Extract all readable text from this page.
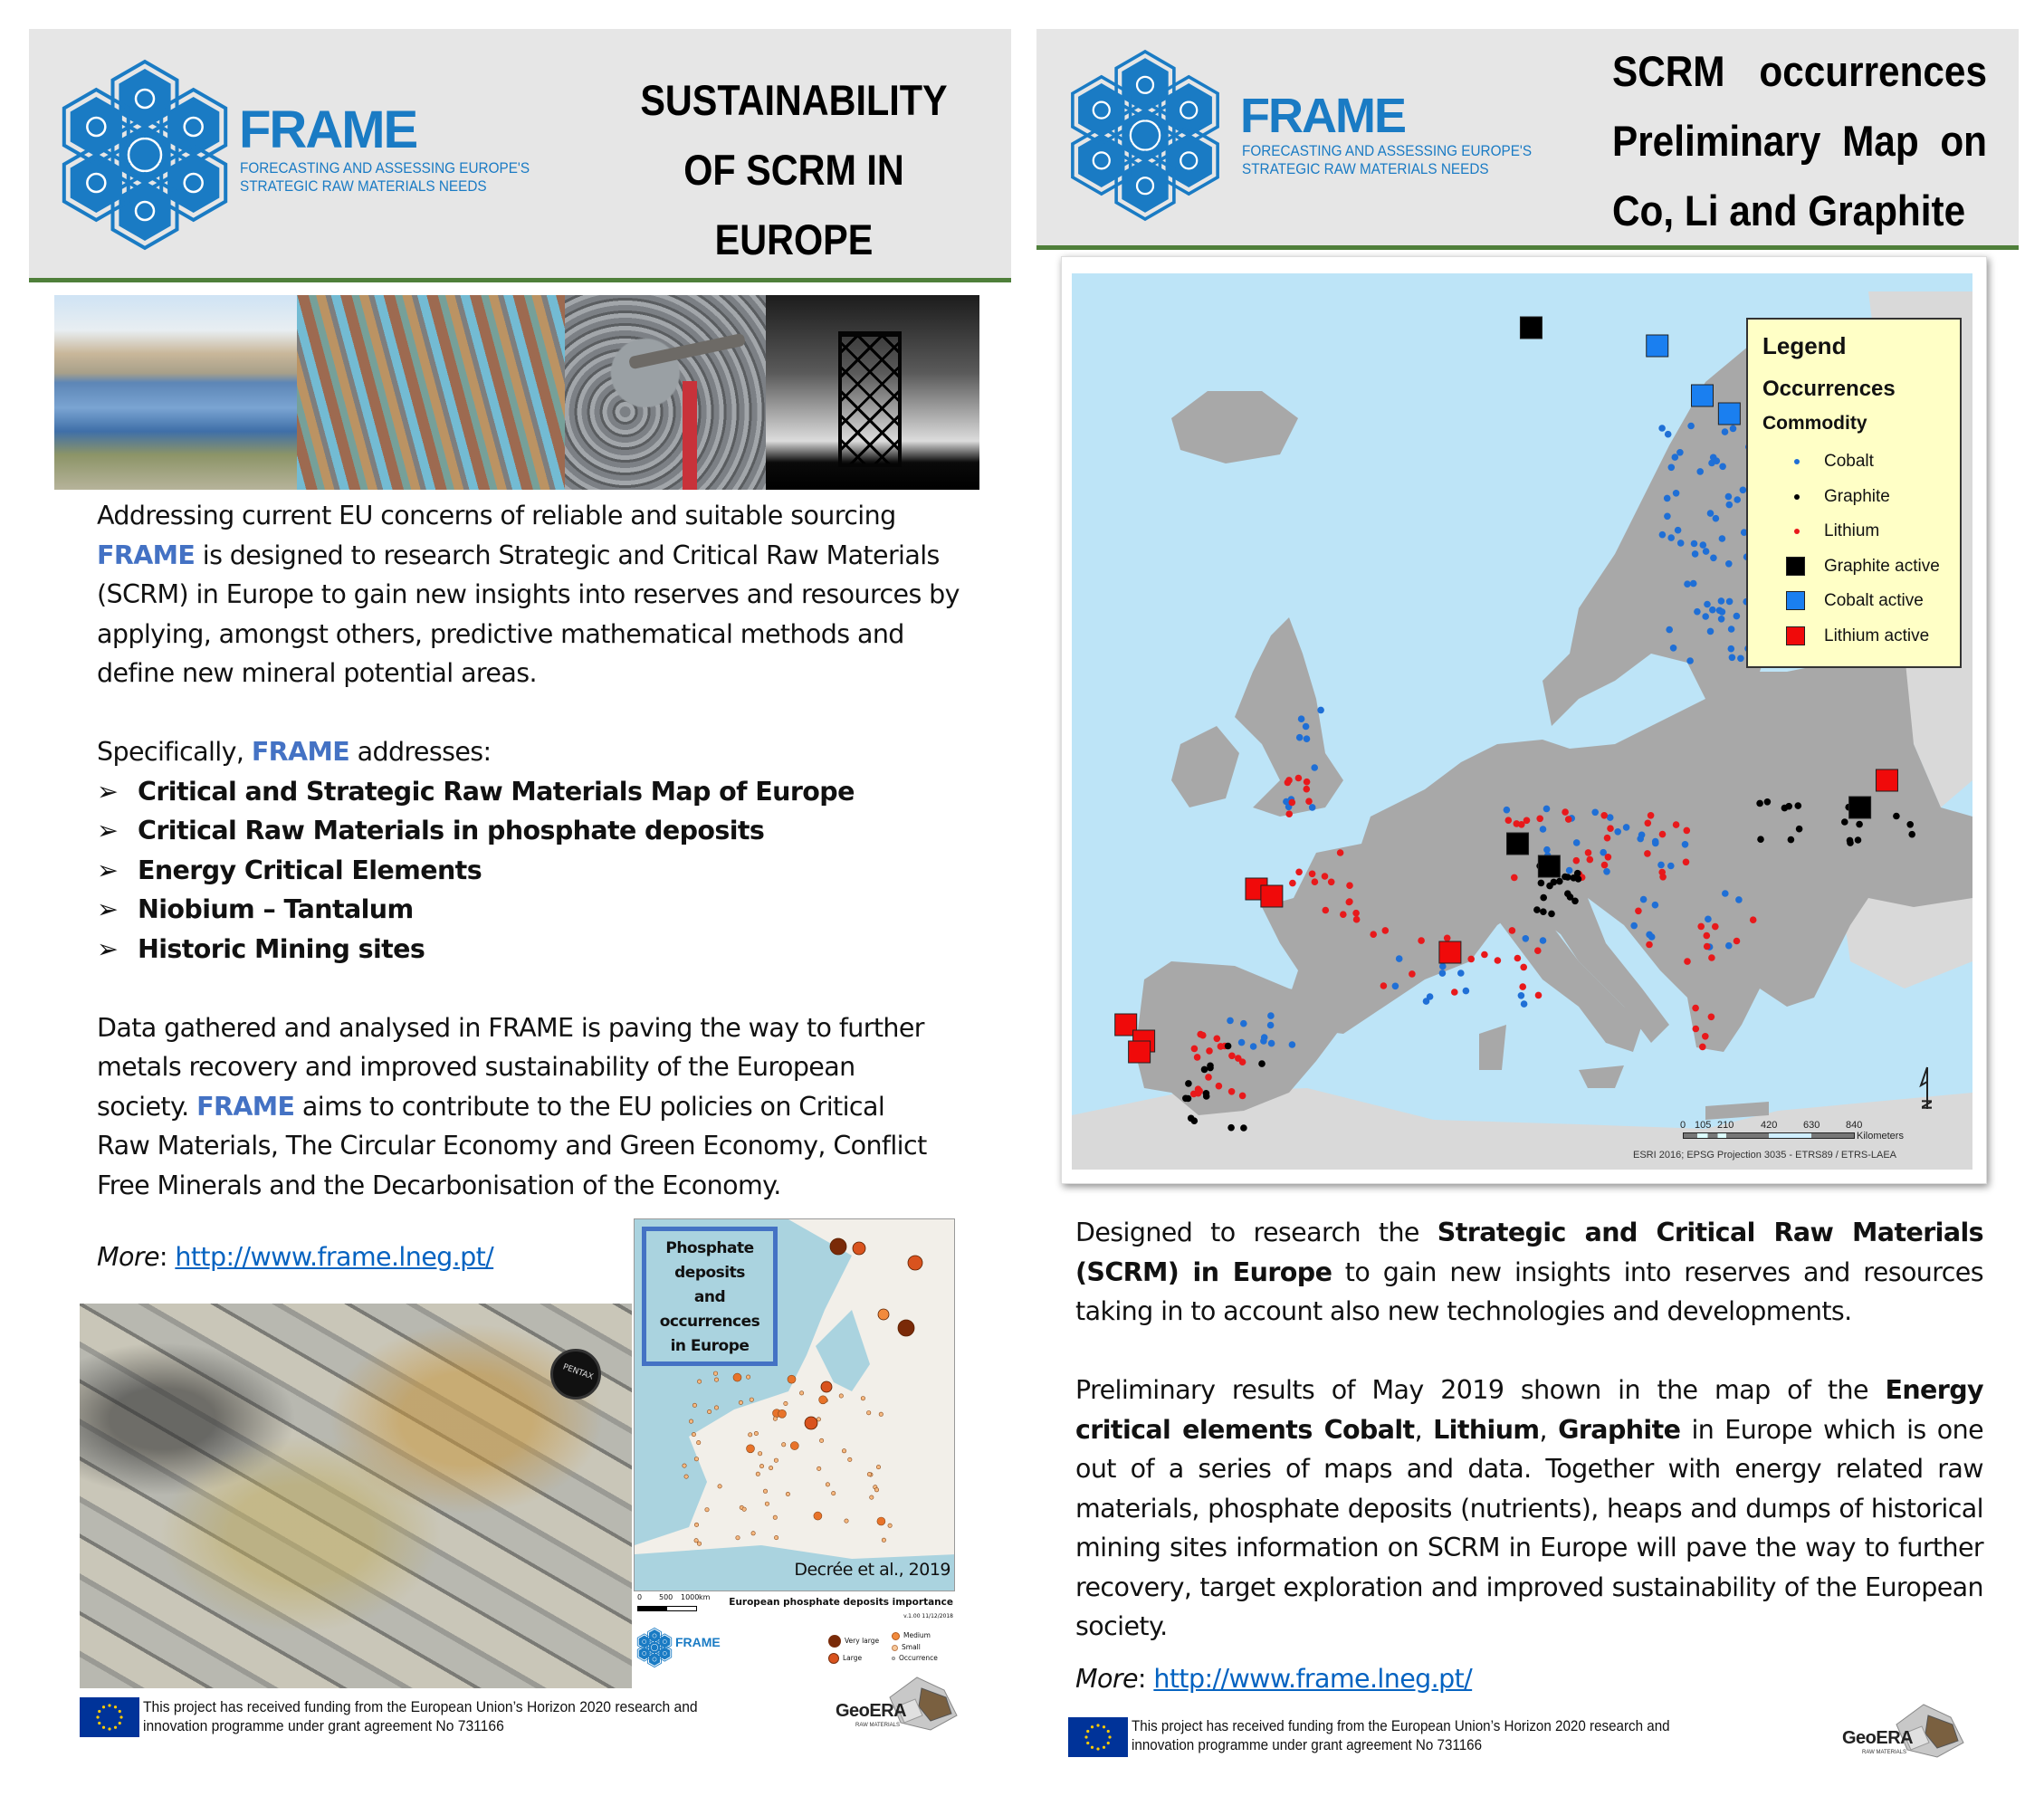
FRAME
FORECASTING AND ASSESSING EUROPE'S
STRATEGIC RAW MATERIALS NEEDS
SUSTAINABILITY
OF SCRM IN
EUROPE

Addressing current EU concerns of reliable and suitable sourcing FRAME is designed to research Strategic and Critical Raw Materials (SCRM) in Europe to gain new insights into reserves and resources by applying, amongst others, predictive mathematical methods and define new mineral potential areas.

Specifically, FRAME addresses:

➢ Critical and Strategic Raw Materials Map of Europe
➢ Critical Raw Materials in phosphate deposits
➢ Energy Critical Elements
➢ Niobium – Tantalum
➢ Historic Mining sites

Data gathered and analysed in FRAME is paving the way to further metals recovery and improved sustainability of the European society. FRAME aims to contribute to the EU policies on Critical Raw Materials, The Circular Economy and Green Economy, Conflict Free Minerals and the Decarbonisation of the Economy.

More: http://www.frame.lneg.pt/

PENTAX
Phosphate
deposits
and
occurrences
in Europe
Decrée et al., 2019
0 500 1000 km European phosphate deposits importance
v.1.00 11/12/2018
FRAME	Very large
Large
Medium
Small
Occurrence
This project has received funding from the European Union’s Horizon 2020 research and
innovation programme under grant agreement No 731166
GeoERA
RAW MATERIALS
FRAME
FORECASTING AND ASSESSING EUROPE'S
STRATEGIC RAW MATERIALS NEEDS
SCRM occurrences
Preliminary Map on
Co, Li and Graphite
Legend
Occurrences
Commodity
Cobalt
Graphite
Lithium
Graphite active
Cobalt active
Lithium active
0 105 210	420	630	840
Kilometers
N
ESRI 2016; EPSG Projection 3035 - ETRS89 / ETRS-LAEA

Designed to research the Strategic and Critical Raw Materials (SCRM) in Europe to gain new insights into reserves and resources taking in to account also new technologies and developments.

Preliminary results of May 2019 shown in the map of the Energy critical elements Cobalt, Lithium, Graphite in Europe which is one out of a series of maps and data. Together with energy related raw materials, phosphate deposits (nutrients), heaps and dumps of historical mining sites information on SCRM in Europe will pave the way to further recovery, target exploration and improved sustainability of the European society.

More: http://www.frame.lneg.pt/

This project has received funding from the European Union’s Horizon 2020 research and
innovation programme under grant agreement No 731166	GeoERA
RAW MATERIALS
